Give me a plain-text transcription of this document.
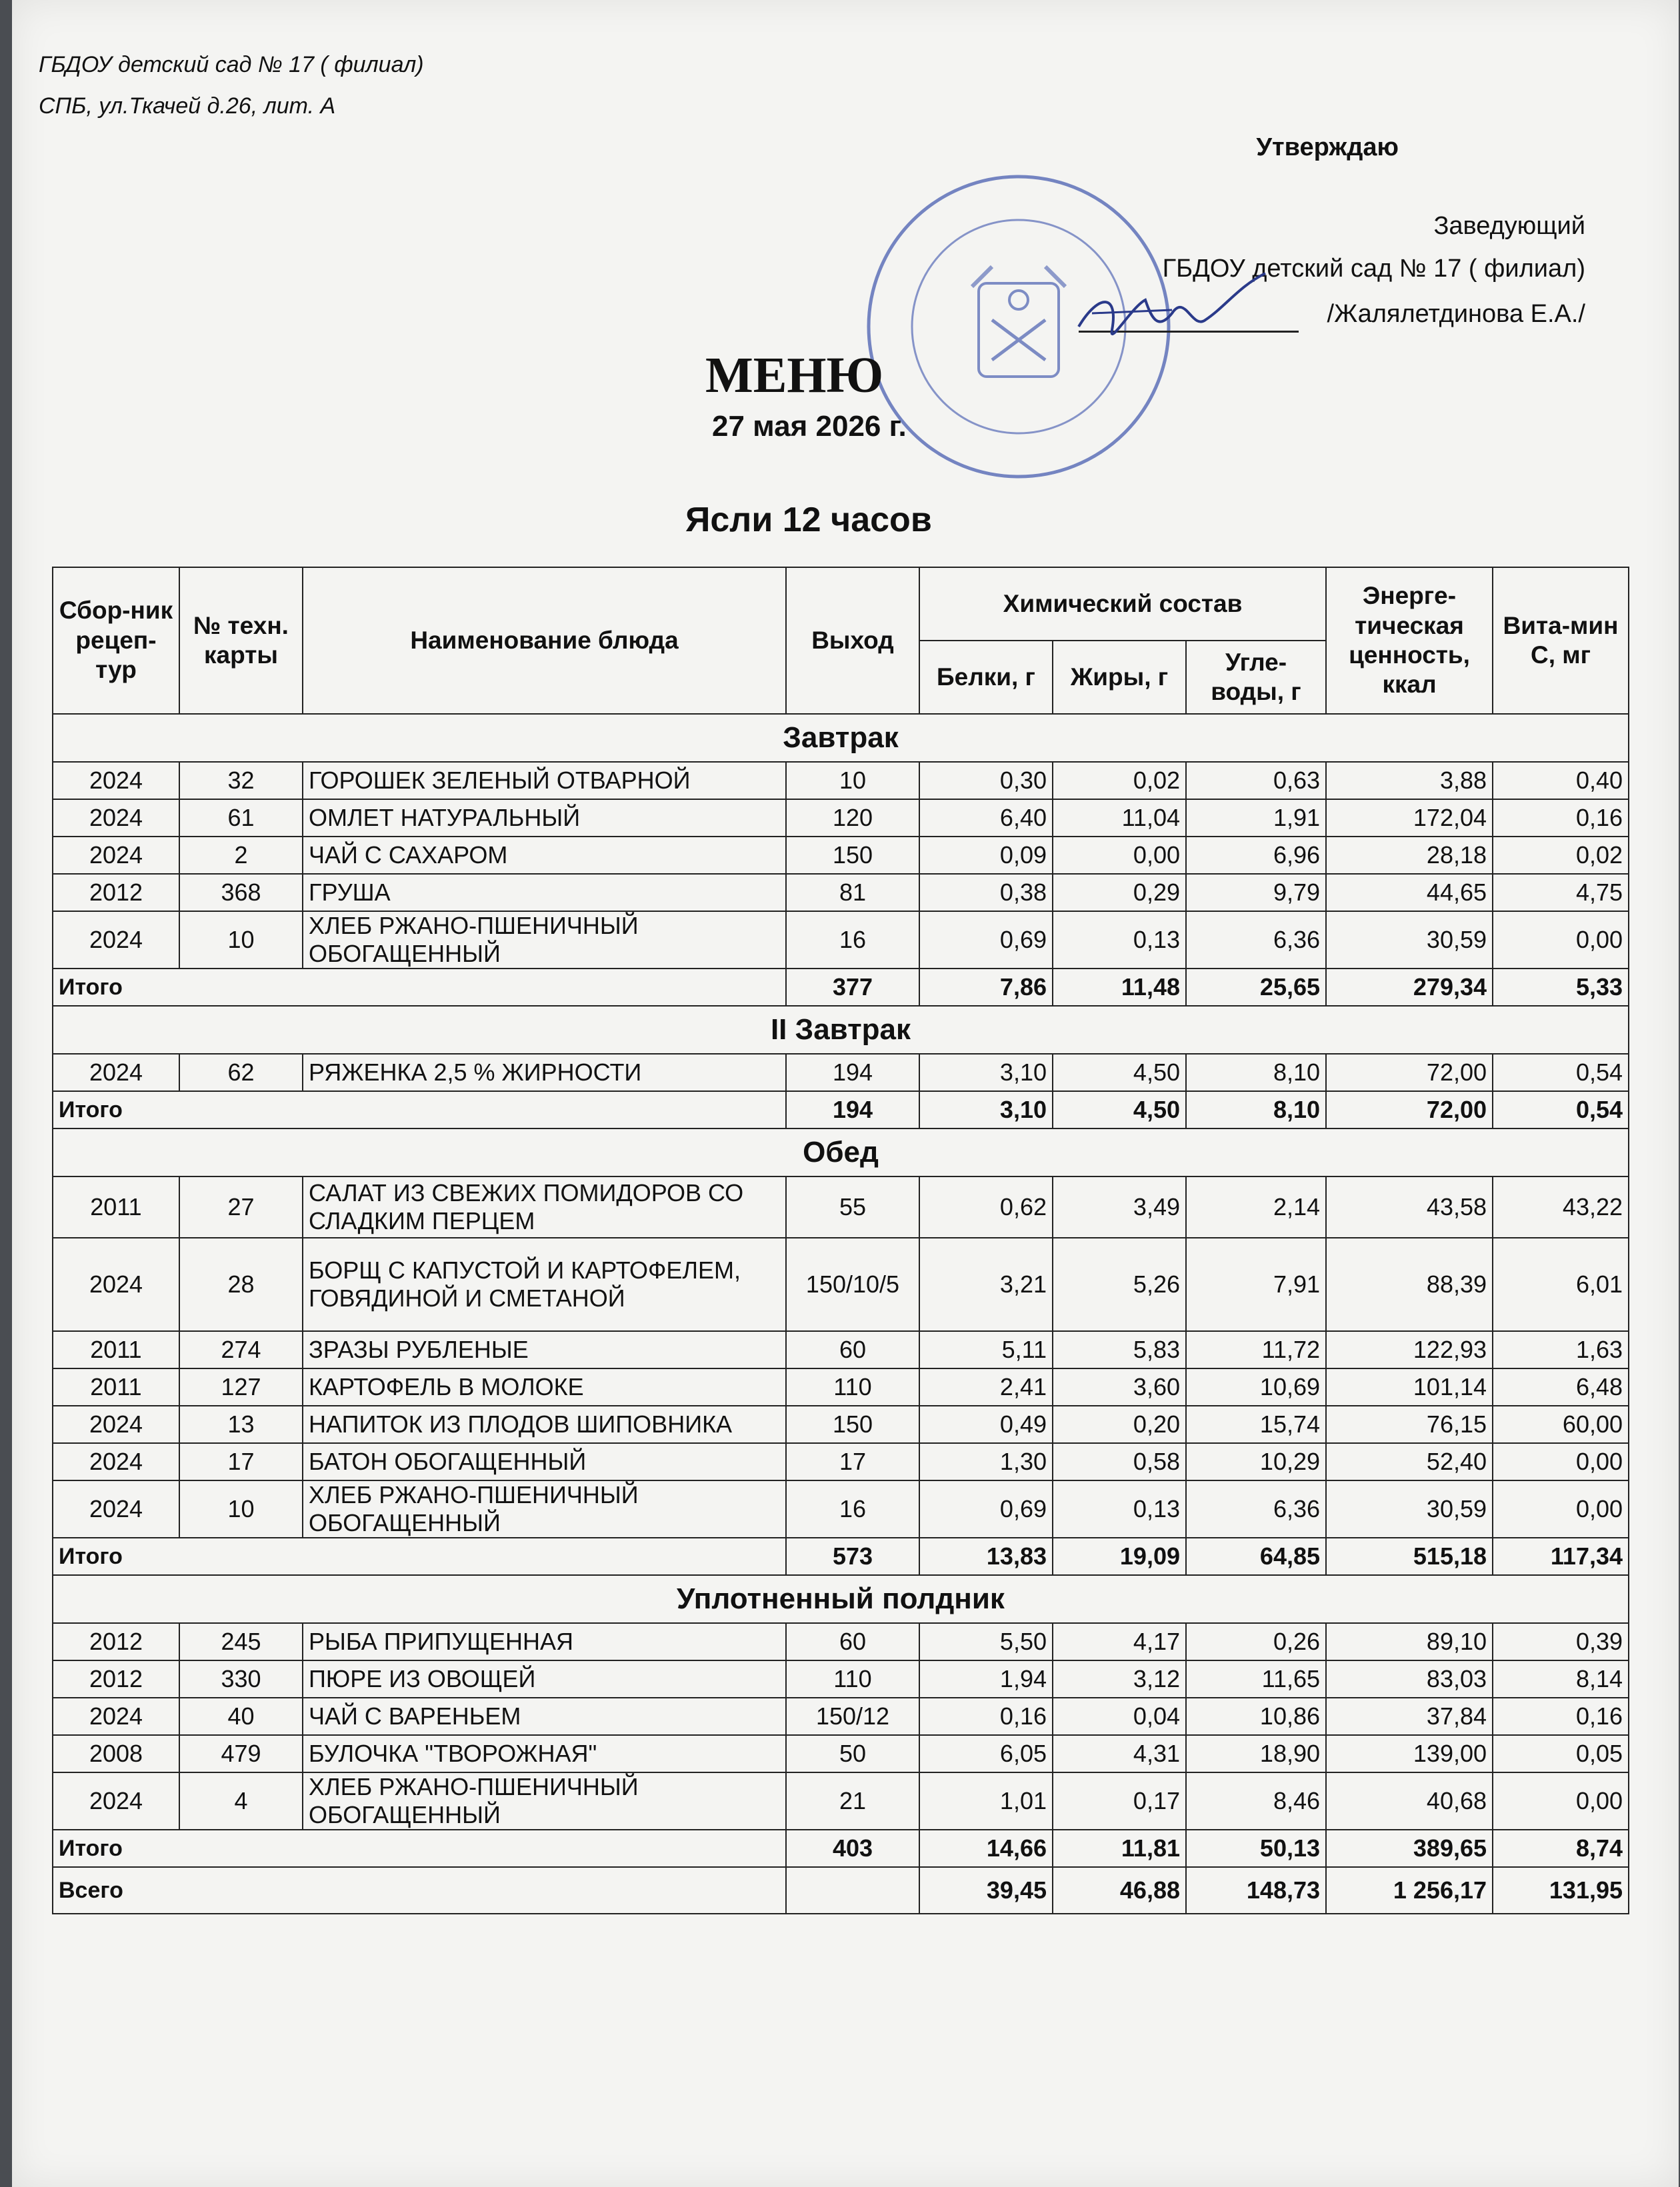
ГБДОУ детский сад № 17 ( филиал)
СПБ, ул.Ткачей д.26, лит. А
Утверждаю
Заведующий
ГБДОУ детский сад № 17 ( филиал)
/Жалялетдинова Е.А./
МЕНЮ
27 мая 2026 г.
Ясли 12 часов
Сбор-ник рецеп-тур	№ техн. карты	Наименование блюда	Выход	Химический состав			Энерге-тическая ценность, ккал	Вита-мин С, мг
				Белки, г	Жиры, г	Угле-воды, г		
Завтрак								
2024	32	ГОРОШЕК ЗЕЛЕНЫЙ ОТВАРНОЙ	10	0,30	0,02	0,63	3,88	0,40
2024	61	ОМЛЕТ НАТУРАЛЬНЫЙ	120	6,40	11,04	1,91	172,04	0,16
2024	2	ЧАЙ С САХАРОМ	150	0,09	0,00	6,96	28,18	0,02
2012	368	ГРУША	81	0,38	0,29	9,79	44,65	4,75
2024	10	ХЛЕБ РЖАНО-ПШЕНИЧНЫЙ ОБОГАЩЕННЫЙ	16	0,69	0,13	6,36	30,59	0,00
Итого			377	7,86	11,48	25,65	279,34	5,33
II Завтрак								
2024	62	РЯЖЕНКА 2,5 % ЖИРНОСТИ	194	3,10	4,50	8,10	72,00	0,54
Итого			194	3,10	4,50	8,10	72,00	0,54
Обед								
2011	27	САЛАТ ИЗ СВЕЖИХ ПОМИДОРОВ СО СЛАДКИМ ПЕРЦЕМ	55	0,62	3,49	2,14	43,58	43,22
2024	28	БОРЩ С КАПУСТОЙ И КАРТОФЕЛЕМ, ГОВЯДИНОЙ И СМЕТАНОЙ	150/10/5	3,21	5,26	7,91	88,39	6,01
2011	274	ЗРАЗЫ РУБЛЕНЫЕ	60	5,11	5,83	11,72	122,93	1,63
2011	127	КАРТОФЕЛЬ В МОЛОКЕ	110	2,41	3,60	10,69	101,14	6,48
2024	13	НАПИТОК ИЗ ПЛОДОВ ШИПОВНИКА	150	0,49	0,20	15,74	76,15	60,00
2024	17	БАТОН ОБОГАЩЕННЫЙ	17	1,30	0,58	10,29	52,40	0,00
2024	10	ХЛЕБ РЖАНО-ПШЕНИЧНЫЙ ОБОГАЩЕННЫЙ	16	0,69	0,13	6,36	30,59	0,00
Итого			573	13,83	19,09	64,85	515,18	117,34
Уплотненный полдник								
2012	245	РЫБА ПРИПУЩЕННАЯ	60	5,50	4,17	0,26	89,10	0,39
2012	330	ПЮРЕ ИЗ ОВОЩЕЙ	110	1,94	3,12	11,65	83,03	8,14
2024	40	ЧАЙ С ВАРЕНЬЕМ	150/12	0,16	0,04	10,86	37,84	0,16
2008	479	БУЛОЧКА "ТВОРОЖНАЯ"	50	6,05	4,31	18,90	139,00	0,05
2024	4	ХЛЕБ РЖАНО-ПШЕНИЧНЫЙ ОБОГАЩЕННЫЙ	21	1,01	0,17	8,46	40,68	0,00
Итого			403	14,66	11,81	50,13	389,65	8,74
Всего				39,45	46,88	148,73	1 256,17	131,95
